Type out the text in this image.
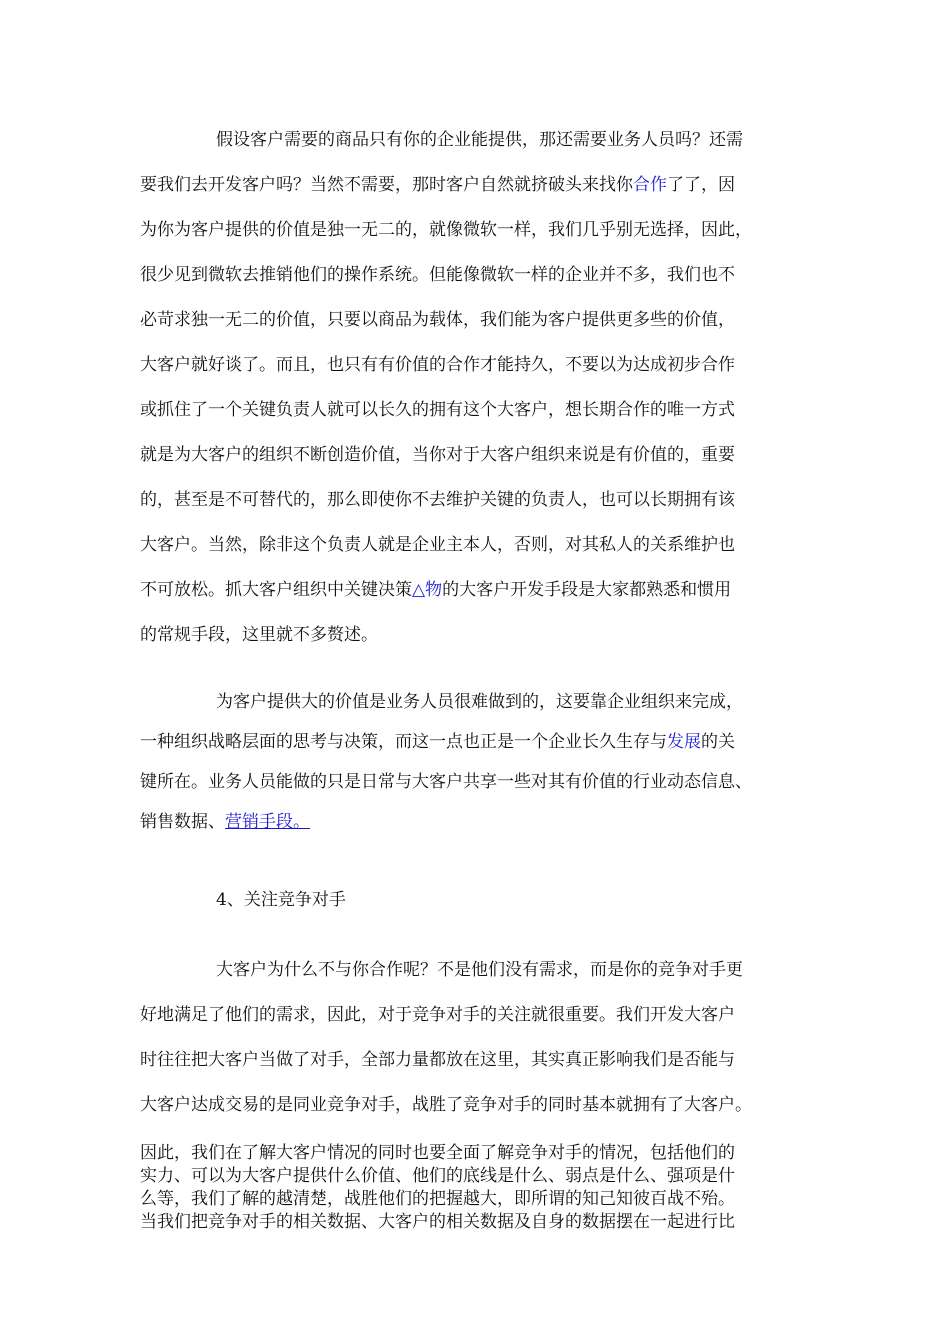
假设客户需要的商品只有你的企业能提供，那还需要业务人员吗？还需
要我们去开发客户吗？当然不需要，那时客户自然就挤破头来找你合作了了，因
为你为客户提供的价值是独一无二的，就像微软一样，我们几乎别无选择，因此，
很少见到微软去推销他们的操作系统。但能像微软一样的企业并不多，我们也不
必苛求独一无二的价值，只要以商品为载体，我们能为客户提供更多些的价值，
大客户就好谈了。而且，也只有有价值的合作才能持久，不要以为达成初步合作
或抓住了一个关键负责人就可以长久的拥有这个大客户，想长期合作的唯一方式
就是为大客户的组织不断创造价值，当你对于大客户组织来说是有价值的，重要
的，甚至是不可替代的，那么即使你不去维护关键的负责人，也可以长期拥有该
大客户。当然，除非这个负责人就是企业主本人，否则，对其私人的关系维护也
不可放松。抓大客户组织中关键决策△物的大客户开发手段是大家都熟悉和惯用
的常规手段，这里就不多赘述。
为客户提供大的价值是业务人员很难做到的，这要靠企业组织来完成，
一种组织战略层面的思考与决策，而这一点也正是一个企业长久生存与发展的关
键所在。业务人员能做的只是日常与大客户共享一些对其有价值的行业动态信息、
销售数据、营销手段。
4、关注竞争对手
大客户为什么不与你合作呢？不是他们没有需求，而是你的竞争对手更
好地满足了他们的需求，因此，对于竞争对手的关注就很重要。我们开发大客户
时往往把大客户当做了对手，全部力量都放在这里，其实真正影响我们是否能与
大客户达成交易的是同业竞争对手，战胜了竞争对手的同时基本就拥有了大客户。
因此，我们在了解大客户情况的同时也要全面了解竞争对手的情况，包括他们的
实力、可以为大客户提供什么价值、他们的底线是什么、弱点是什么、强项是什
么等，我们了解的越清楚，战胜他们的把握越大，即所谓的知己知彼百战不殆。
当我们把竞争对手的相关数据、大客户的相关数据及自身的数据摆在一起进行比
